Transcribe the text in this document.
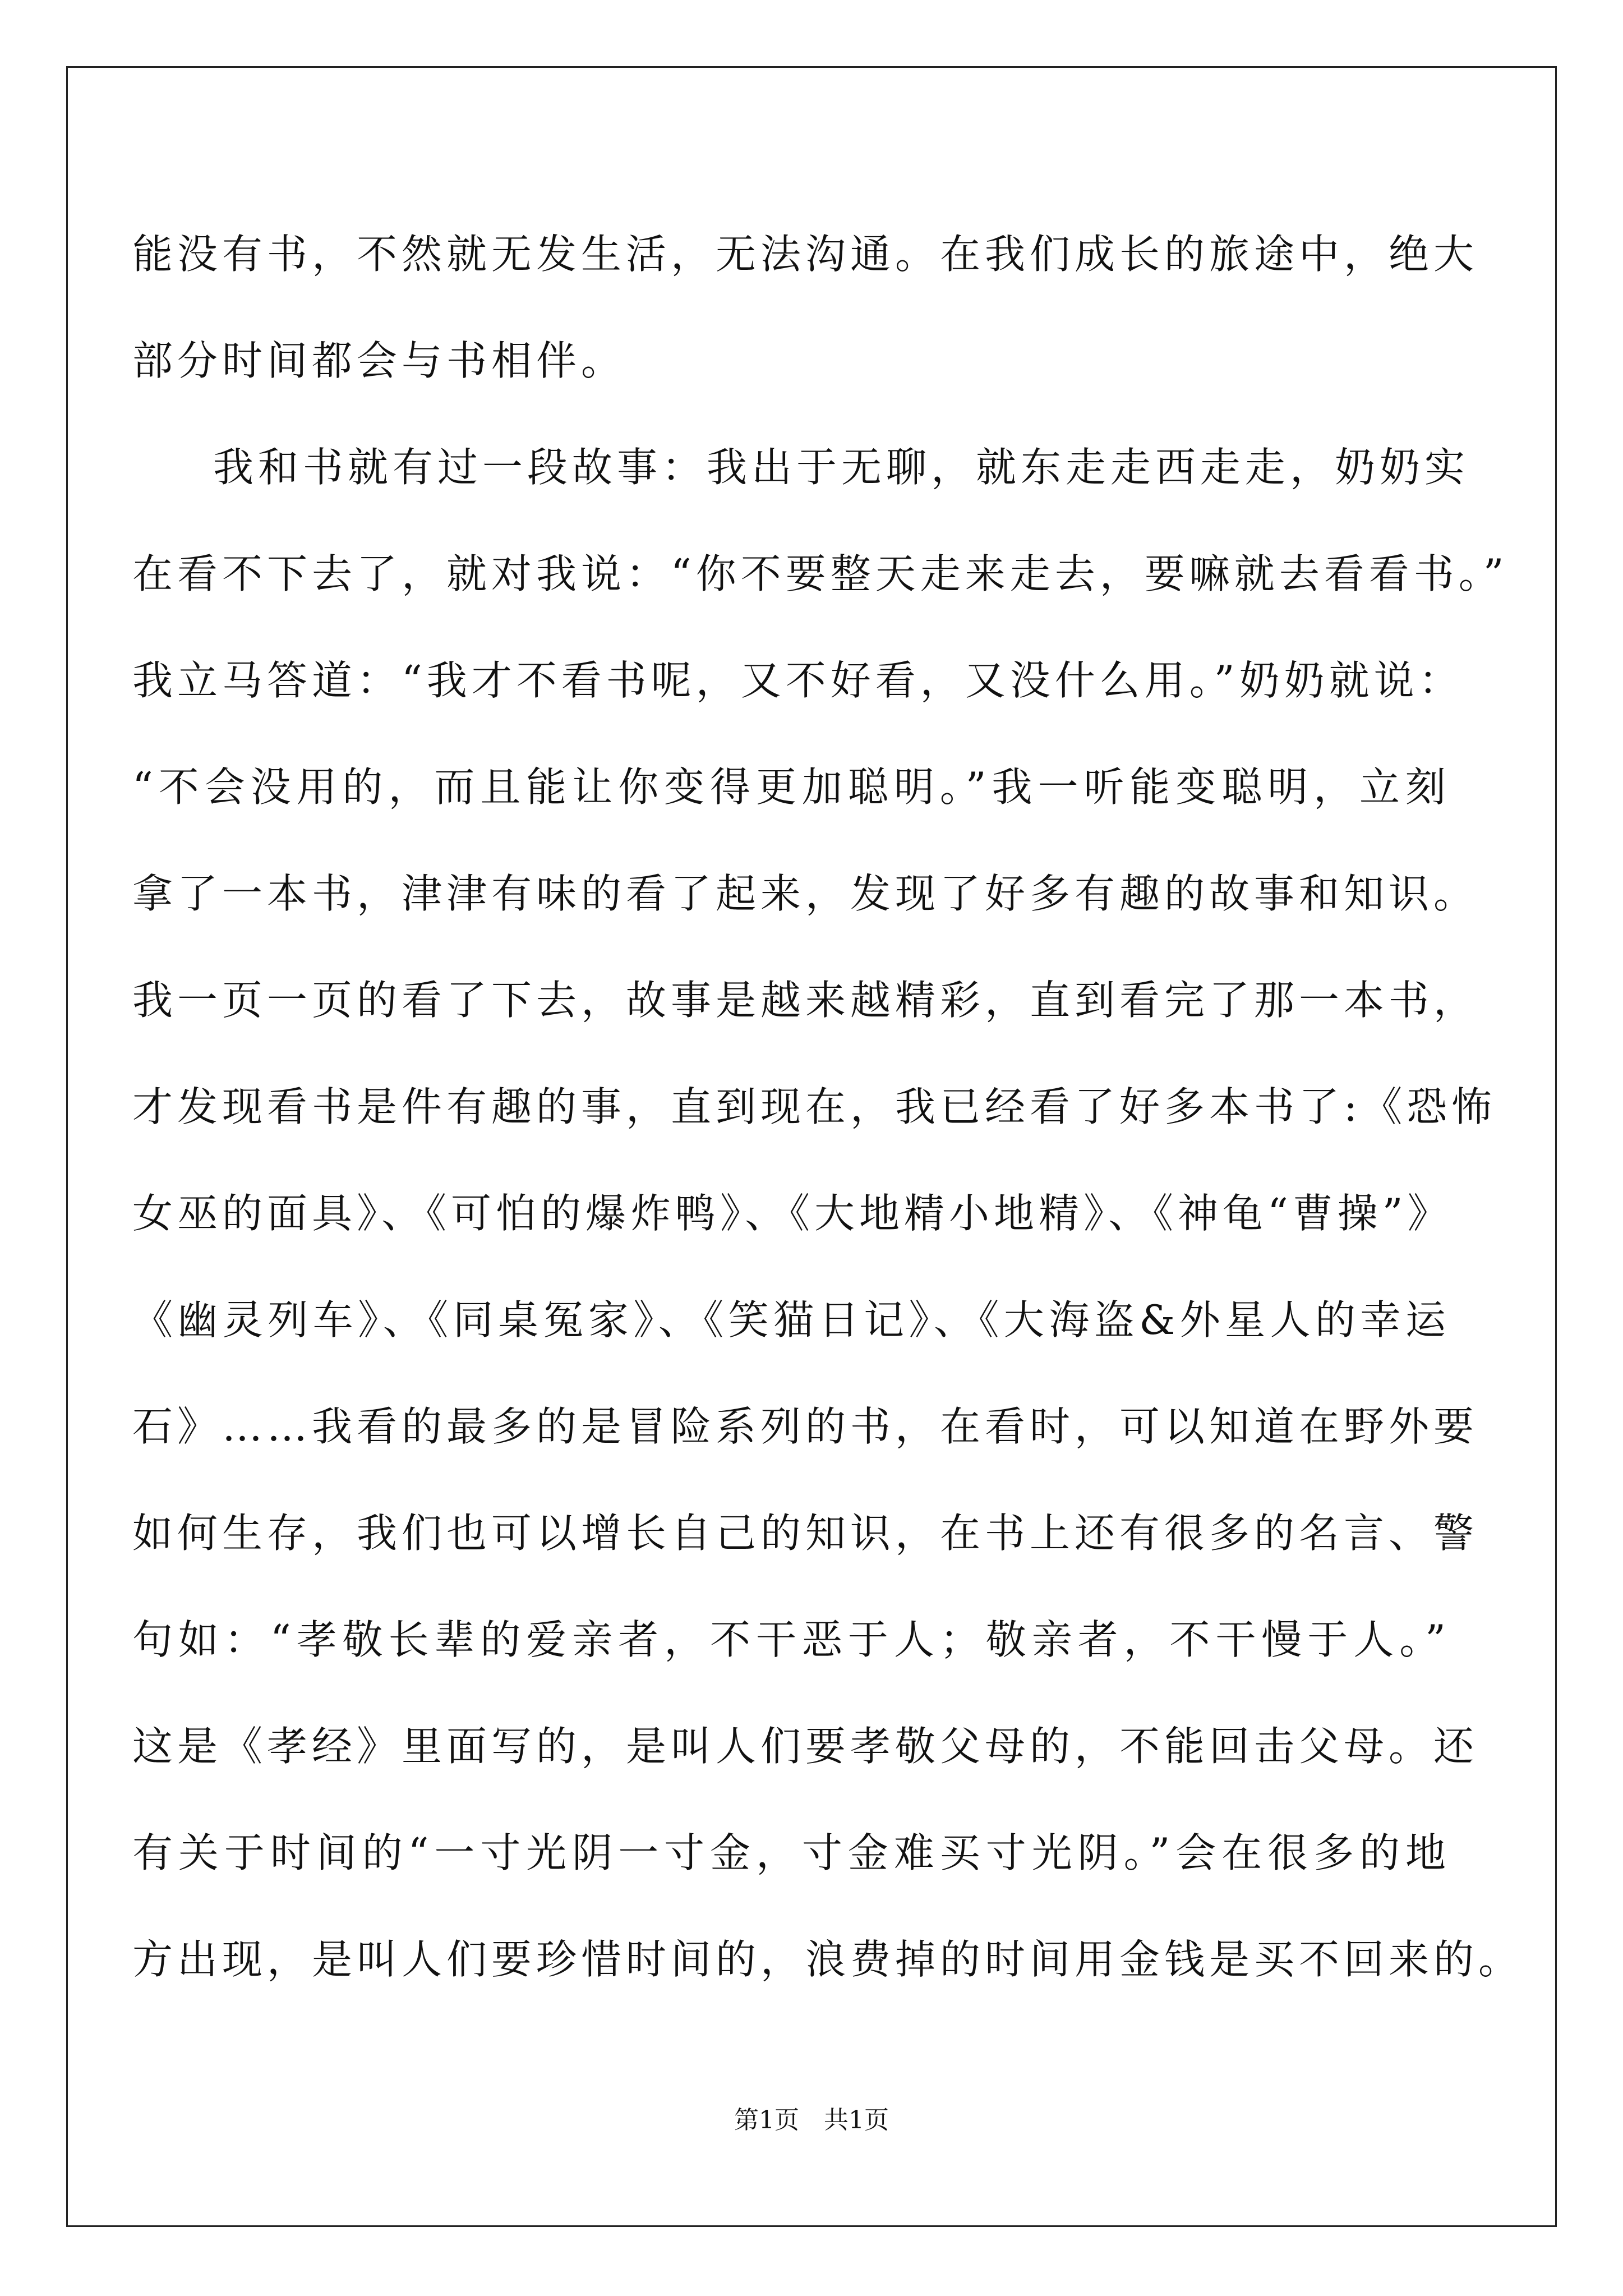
能没有书，不然就无发生活，无法沟通。在我们成长的旅途中，绝大
部分时间都会与书相伴。
我和书就有过一段故事：我出于无聊，就东走走西走走，奶奶实
在看不下去了，就对我说：“你不要整天走来走去，要嘛就去看看书。”
我立马答道：“我才不看书呢，又不好看，又没什么用。”奶奶就说：
“不会没用的，而且能让你变得更加聪明。”我一听能变聪明，立刻
拿了一本书，津津有味的看了起来，发现了好多有趣的故事和知识。
我一页一页的看了下去，故事是越来越精彩，直到看完了那一本书，
才发现看书是件有趣的事，直到现在，我已经看了好多本书了:《恐怖
女巫的面具》、《可怕的爆炸鸭》、《大地精小地精》、《神龟“曹操”》
《幽灵列车》、《同桌冤家》、《笑猫日记》、《大海盗&外星人的幸运
石》……我看的最多的是冒险系列的书，在看时，可以知道在野外要
如何生存，我们也可以增长自己的知识，在书上还有很多的名言、警
句如：“孝敬长辈的爱亲者，不干恶于人；敬亲者，不干慢于人。”
这是《孝经》里面写的，是叫人们要孝敬父母的，不能回击父母。还
有关于时间的“一寸光阴一寸金，寸金难买寸光阴。”会在很多的地
方出现，是叫人们要珍惜时间的，浪费掉的时间用金钱是买不回来的。
第1页　共1页
